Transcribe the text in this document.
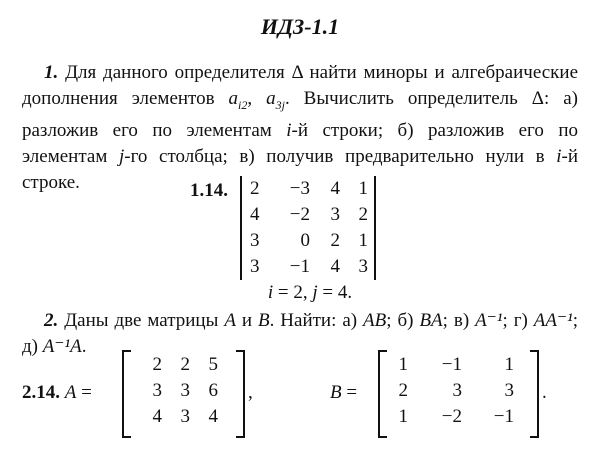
ИДЗ-1.1
1. Для данного определителя Δ найти миноры и алгебраические дополнения элементов $a_{i2}$, $a_{3j}$. Вычислить определитель Δ: а) разложив его по элементам i-й строки; б) разложив его по элементам j-го столбца; в) получив предварительно нули в i-й строке.	1.14. 2	−3	4	1
4	−2	3	2
3	0	2	1
3	−1	4	3
i = 2, j = 4.
2. Даны две матрицы A и B. Найти: а) AB; б) BA; в) A⁻¹; г) AA⁻¹; д) A⁻¹A.
2.14. A =
2	2	5
3	3	6
4	3	4
,	B =
1	−1	1
2	3	3
1	−2	−1
.
